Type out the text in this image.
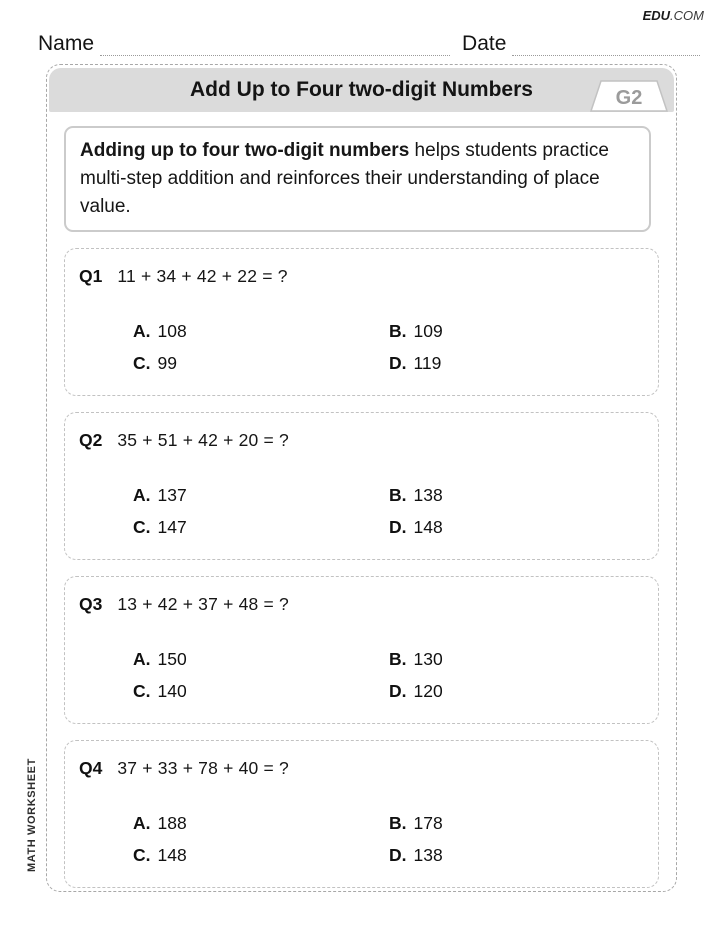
EDU.COM
Name	Date
Add Up to Four two-digit Numbers	G2
Adding up to four two-digit numbers helps students practice multi-step addition and reinforces their understanding of place value.
Q1 11 + 34 + 42 + 22 = ?
A. 108	B. 109
C. 99	D. 119
Q2 35 + 51 + 42 + 20 = ?
A. 137	B. 138
C. 147	D. 148
Q3 13 + 42 + 37 + 48 = ?
A. 150	B. 130
C. 140	D. 120
Q4 37 + 33 + 78 + 40 = ?
A. 188	B. 178
C. 148	D. 138
MATH WORKSHEET
